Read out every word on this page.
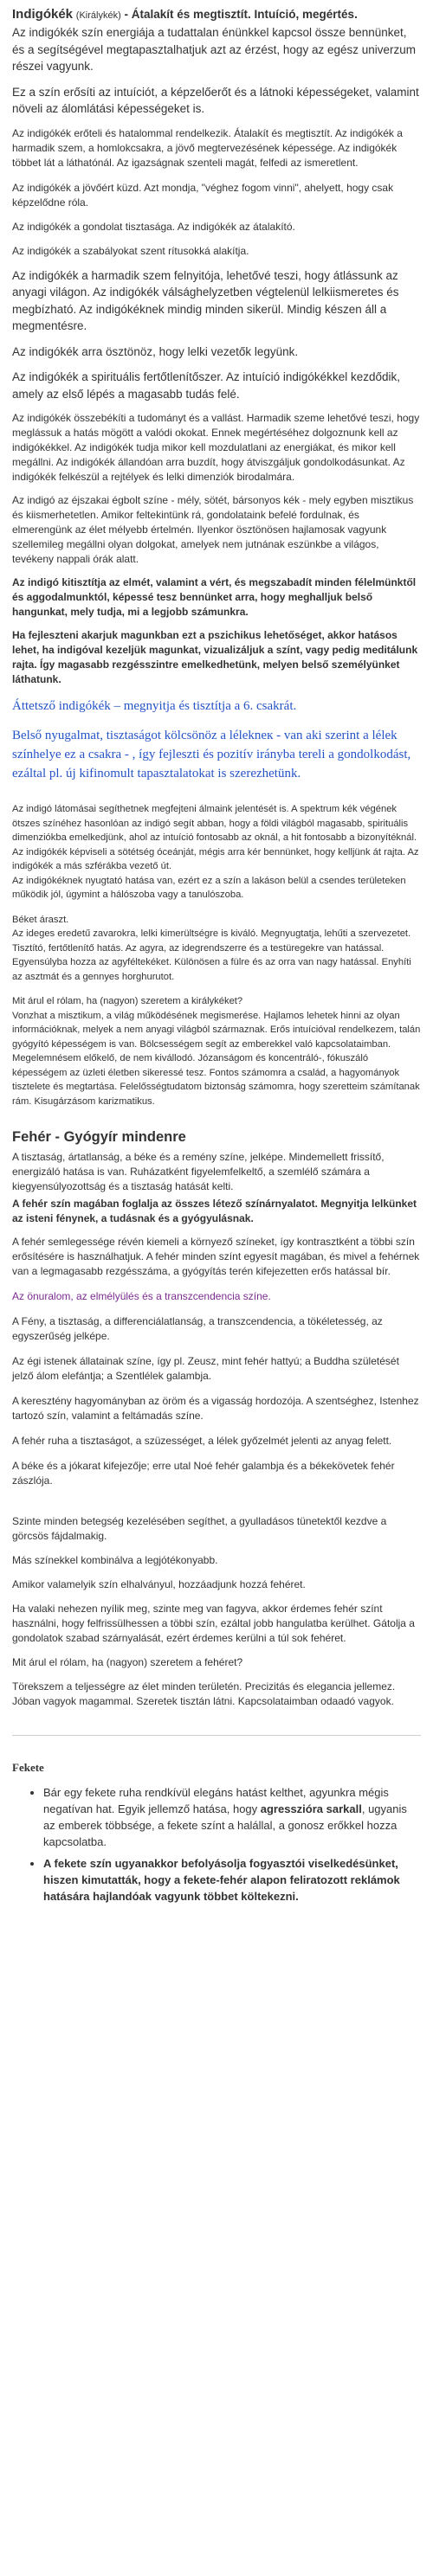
Indigókék (Királykék) - Átalakít és megtisztít. Intuíció, megértés.

Az indigókék szín energiája a tudattalan énünkkel kapcsol össze bennünket, és a segítségével megtapasztalhatjuk azt az érzést, hogy az egész univerzum részei vagyunk.

Ez a szín erősíti az intuíciót, a képzelőerőt és a látnoki képességeket, valamint növeli az álomlátási képességeket is.

Az indigókék erőteli és hatalommal rendelkezik. Átalakít és megtisztít. Az indigókék a harmadik szem, a homlokcsakra, a jövő megtervezésének képessége. Az indigókék többet lát a láthatónál. Az igazságnak szenteli magát, felfedi az ismeretlent.

Az indigókék a jövőért küzd. Azt mondja, "véghez fogom vinni", ahelyett, hogy csak képzelődne róla.

Az indigókék a gondolat tisztasága. Az indigókék az átalakító.

Az indigókék a szabályokat szent rítusokká alakítja.

Az indigókék a harmadik szem felnyitója, lehetővé teszi, hogy átlássunk az anyagi világon. Az indigókék válsághelyzetben végtelenül lelkiismeretes és megbízható. Az indigókéknek mindig minden sikerül. Mindig készen áll a megmentésre.

Az indigókék arra ösztönöz, hogy lelki vezetők legyünk.

Az indigókék a spirituális fertőtlenítőszer. Az intuíció indigókékkel kezdődik, amely az első lépés a magasabb tudás felé.

Az indigókék összebékíti a tudományt és a vallást. Harmadik szeme lehetővé teszi, hogy meglássuk a hatás mögött a valódi okokat. Ennek megértéséhez dolgoznunk kell az indigókékkel. Az indigókék tudja mikor kell mozdulatlani az energiákat, és mikor kell megállni. Az indigókék állandóan arra buzdít, hogy átviszgáljuk gondolkodásunkat. Az indigókék felkészül a rejtélyek és lelki dimenziók birodalmára.

Az indigó az éjszakai égbolt színe - mély, sötét, bársonyos kék - mely egyben misztikus és kiismerhetetlen. Amikor feltekintünk rá, gondolataink befelé fordulnak, és elmerengünk az élet mélyebb értelmén. Ilyenkor ösztönösen hajlamosak vagyunk szellemileg megállni olyan dolgokat, amelyek nem jutnának eszünkbe a világos, tevékeny nappali órák alatt.

Az indigó kitisztítja az elmét, valamint a vért, és megszabadít minden félelmünktől és aggodalmunktól, képessé tesz bennünket arra, hogy meghalljuk belső hangunkat, mely tudja, mi a legjobb számunkra.

Ha fejleszteni akarjuk magunkban ezt a pszichikus lehetőséget, akkor hatásos lehet, ha indigóval kezeljük magunkat, vizualizáljuk a színt, vagy pedig meditálunk rajta. Így magasabb rezgésszintre emelkedhetünk, melyen belső személyünket láthatunk.

Áttetsző indigókék – megnyitja és tisztítja a 6. csakrát.

Belső nyugalmat, tisztaságot kölcsönöz a lélekneк - van aki szerint a lélek színhelye ez a csakra - , így fejleszti és pozitív irányba tereli a gondolkodást, ezáltal pl. új kifinomult tapasztalatokat is szerezhetünk.

Az indigó látomásai segíthetnek megfejteni álmaink jelentését is. A spektrum kék végének ötszes színéhez hasonlóan az indigó segít abban, hogy a földi világból magasabb, spirituális dimenziókba emelkedjünk, ahol az intuíció fontosabb az oknál, a hit fontosabb a bizonyítéknál.

Az indigókék képviseli a sötétség óceánját, mégis arra kér bennünket, hogy kelljünk át rajta. Az indigókék a más szférákba vezető út.

Az indigókéknek nyugtató hatása van, ezért ez a szín a lakáson belül a csendes területeken működik jól, úgymint a hálószoba vagy a tanulószoba.

Béket áraszt.

Az ideges eredetű zavarokra, lelki kimerültségre is kiváló. Megnyugtatja, lehűti a szervezetet. Tisztító, fertőtlenítő hatás. Az agyra, az idegrendszerre és a testüregekre van hatással. Egyensúlyba hozza az agyféltekéket. Különösen a fülre és az orra van nagy hatással. Enyhíti az asztmát és a gennyes horghurutot.

Mit árul el rólam, ha (nagyon) szeretem a királykéket?

Vonzhat a misztikum, a világ működésének megismerése. Hajlamos lehetek hinni az olyan információknak, melyek a nem anyagi világból származnak. Erős intuícióval rendelkezem, talán gyógyító képességem is van. Bölcsességem segít az emberekkel való kapcsolataimban. Megelemnésem előkelő, de nem kivállodó. Józanságom és koncentráló-, fókuszáló képességem az üzleti életben sikeressé tesz. Fontos számomra a család, a hagyományok tisztelete és megtartása. Felelősségtudatom biztonság számomra, hogy szeretteim számítanak rám. Kisugárzásom karizmatikus.

Fehér - Gyógyír mindenre

A tisztaság, ártatlanság, a béke és a remény színe, jelképe. Mindemellett frissítő, energizáló hatása is van. Ruházatként figyelemfelkeltő, a szemlélő számára a kiegyensúlyozottság és a tisztaság hatását kelti.

A fehér szín magában foglalja az összes létező színárnyalatot. Megnyitja lelkünket az isteni fénynek, a tudásnak és a gyógyulásnak.

A fehér semlegessége révén kiemeli a környező színeket, így kontrasztként a többi szín erősítésére is használhatjuk. A fehér minden színt egyesít magában, és mivel a fehérnek van a legmagasabb rezgésszáma, a gyógyítás terén kifejezetten erős hatással bír.

Az önuralom, az elmélyülés és a transzcendencia színe.

A Fény, a tisztaság, a differenciálatlanság, a transzcendencia, a tökéletesség, az egyszerűség jelképe.

Az égi istenek állatainak színe, így pl. Zeusz, mint fehér hattyú; a Buddha születését jelző álom elefántja; a Szentlélek galambja.

A keresztény hagyományban az öröm és a vigasság hordozója. A szentséghez, Istenhez tartozó szín, valamint a feltámadás színe.

A fehér ruha a tisztaságot, a szüzességet, a lélek győzelmét jelenti az anyag felett.

A béke és a jókarat kifejezője; erre utal Noé fehér galambja és a békekövetek fehér zászlója.

Szinte minden betegség kezelésében segíthet, a gyulladásos tünetektől kezdve a görcsös fájdalmakig.

Más színekkel kombinálva a legjótékonyabb.

Amikor valamelyik szín elhalványul, hozzáadjunk hozzá fehéret.

Ha valaki nehezen nyílik meg, szinte meg van fagyva, akkor érdemes fehér színt használni, hogy felfrissülhessen a többi szín, ezáltal jobb hangulatba kerülhet. Gátolja a gondolatok szabad szárnyalását, ezért érdemes kerülni a túl sok fehéret.

Mit árul el rólam, ha (nagyon) szeretem a fehéret?

Törekszem a teljességre az élet minden területén. Precizitás és elegancia jellemez. Jóban vagyok magammal. Szeretek tisztán látni. Kapcsolataimban odaadó vagyok.

Fekete
• Bár egy fekete ruha rendkívül elegáns hatást kelthet, agyunkra mégis negatívan hat. Egyik jellemző hatása, hogy agresszióra sarkall, ugyanis az emberek többsége, a fekete színt a halállal, a gonosz erőkkel hozza kapcsolatba.
• A fekete szín ugyanakkor befolyásolja fogyasztói viselkedésünket, hiszen kimutatták, hogy a fekete-fehér alapon feliratozott reklámok hatására hajlandóak vagyunk többet költekezni.
